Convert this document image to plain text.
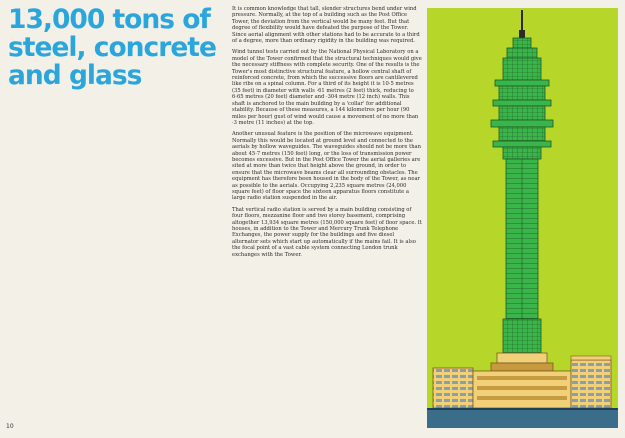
13,000 tons of steel, concrete and glass

It is common knowledge that tall, slender structures bend under wind pressure. Normally, at the top of a building such as the Post Office Tower, the deviation from the vertical would be many feet. But that degree of flexibility would have defeated the purpose of the Tower. Since aerial alignment with other stations had to be accurate to a third of a degree, more than ordinary rigidity in the building was required.

Wind tunnel tests carried out by the National Physical Laboratory on a model of the Tower confirmed that the structural techniques would give the necessary stiffness with complete security. One of the results is the Tower's most distinctive structural feature, a hollow central shaft of reinforced concrete, from which the successive floors are cantilevered like ribs on a spinal column. For a third of its height it is 10·5 metres (35 feet) in diameter with walls ·61 metres (2 feet) thick, reducing to 6·65 metres (20 feet) diameter and ·304 metre (12 inch) walls. This shaft is anchored to the main building by a 'collar' for additional stability. Because of these measures, a 144 kilometres per hour (90 miles per hour) gust of wind would cause a movement of no more than ·3 metre (11 inches) at the top.

Another unusual feature is the position of the microwave equipment. Normally this would be located at ground level and connected to the aerials by hollow waveguides. The waveguides should not be more than about 45·7 metres (150 feet) long, or the loss of transmission power becomes excessive. But in the Post Office Tower the aerial galleries are sited at more than twice that height above the ground, in order to ensure that the microwave beams clear all surrounding obstacles. The equipment has therefore been housed in the body of the Tower, as near as possible to the aerials. Occupying 2,235 square metres (24,000 square feet) of floor space the sixteen apparatus floors constitute a large radio station suspended in the air.

That vertical radio station is served by a main building consisting of four floors, mezzanine floor and two storey basement, comprising altogether 13,934 square metres (150,000 square feet) of floor space. It houses, in addition to the Tower and Mercury Trunk Telephone Exchanges, the power supply for the buildings and five diesel alternator sets which start up automatically if the mains fail. It is also the focal point of a vast cable system connecting London trunk exchanges with the Tower.

10
